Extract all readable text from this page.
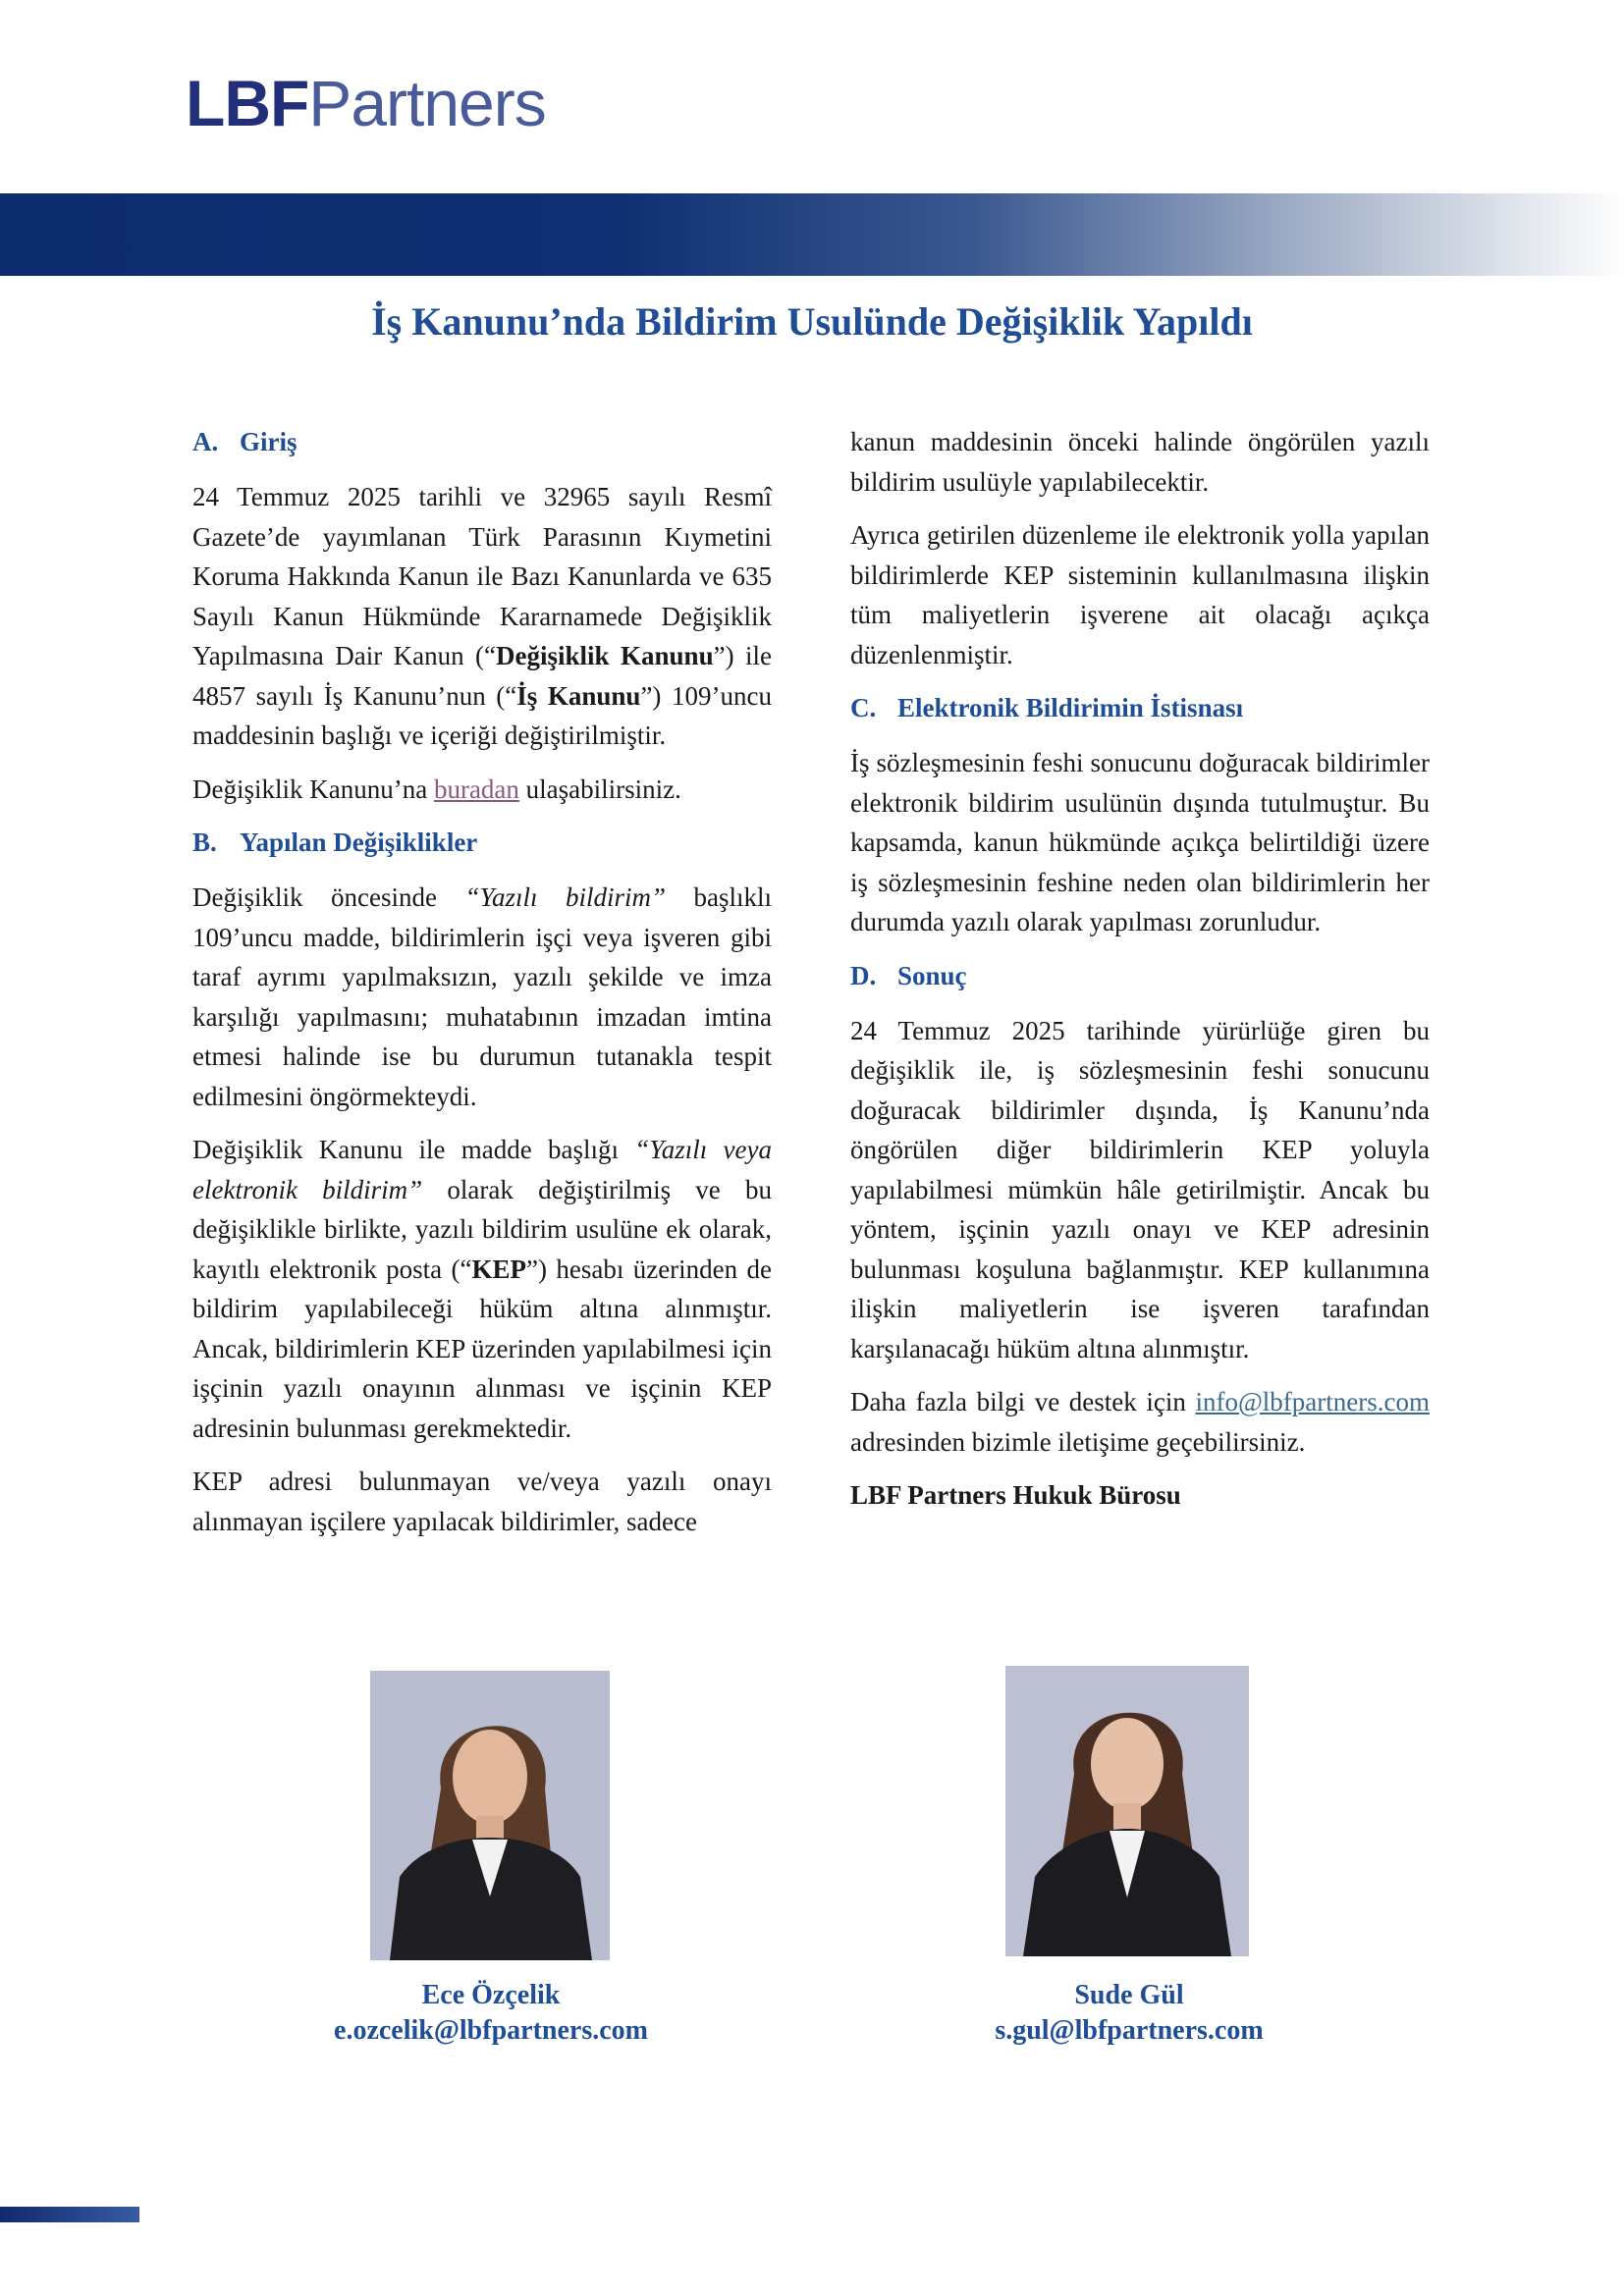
LBFPartners
İş Kanunu’nda Bildirim Usulünde Değişiklik Yapıldı
A. Giriş

24 Temmuz 2025 tarihli ve 32965 sayılı Resmî Gazete’de yayımlanan Türk Parasının Kıymetini Koruma Hakkında Kanun ile Bazı Kanunlarda ve 635 Sayılı Kanun Hükmünde Kararnamede Değişiklik Yapılmasına Dair Kanun (“Değişiklik Kanunu”) ile 4857 sayılı İş Kanunu’nun (“İş Kanunu”) 109’uncu maddesinin başlığı ve içeriği değiştirilmiştir.

Değişiklik Kanunu’na buradan ulaşabilirsiniz.

B. Yapılan Değişiklikler

Değişiklik öncesinde “Yazılı bildirim” başlıklı 109’uncu madde, bildirimlerin işçi veya işveren gibi taraf ayrımı yapılmaksızın, yazılı şekilde ve imza karşılığı yapılmasını; muhatabının imzadan imtina etmesi halinde ise bu durumun tutanakla tespit edilmesini öngörmekteydi.

Değişiklik Kanunu ile madde başlığı “Yazılı veya elektronik bildirim” olarak değiştirilmiş ve bu değişiklikle birlikte, yazılı bildirim usulüne ek olarak, kayıtlı elektronik posta (“KEP”) hesabı üzerinden de bildirim yapılabileceği hüküm altına alınmıştır. Ancak, bildirimlerin KEP üzerinden yapılabilmesi için işçinin yazılı onayının alınması ve işçinin KEP adresinin bulunması gerekmektedir.

KEP adresi bulunmayan ve/veya yazılı onayı alınmayan işçilere yapılacak bildirimler, sadece

kanun maddesinin önceki halinde öngörülen yazılı bildirim usulüyle yapılabilecektir.

Ayrıca getirilen düzenleme ile elektronik yolla yapılan bildirimlerde KEP sisteminin kullanılmasına ilişkin tüm maliyetlerin işverene ait olacağı açıkça düzenlenmiştir.

C. Elektronik Bildirimin İstisnası

İş sözleşmesinin feshi sonucunu doğuracak bildirimler elektronik bildirim usulünün dışında tutulmuştur. Bu kapsamda, kanun hükmünde açıkça belirtildiği üzere iş sözleşmesinin feshine neden olan bildirimlerin her durumda yazılı olarak yapılması zorunludur.

D. Sonuç

24 Temmuz 2025 tarihinde yürürlüğe giren bu değişiklik ile, iş sözleşmesinin feshi sonucunu doğuracak bildirimler dışında, İş Kanunu’nda öngörülen diğer bildirimlerin KEP yoluyla yapılabilmesi mümkün hâle getirilmiştir. Ancak bu yöntem, işçinin yazılı onayı ve KEP adresinin bulunması koşuluna bağlanmıştır. KEP kullanımına ilişkin maliyetlerin ise işveren tarafından karşılanacağı hüküm altına alınmıştır.

Daha fazla bilgi ve destek için info@lbfpartners.com adresinden bizimle iletişime geçebilirsiniz.

LBF Partners Hukuk Bürosu

Ece Özçelik
e.ozcelik@lbfpartners.com
Sude Gül
s.gul@lbfpartners.com
